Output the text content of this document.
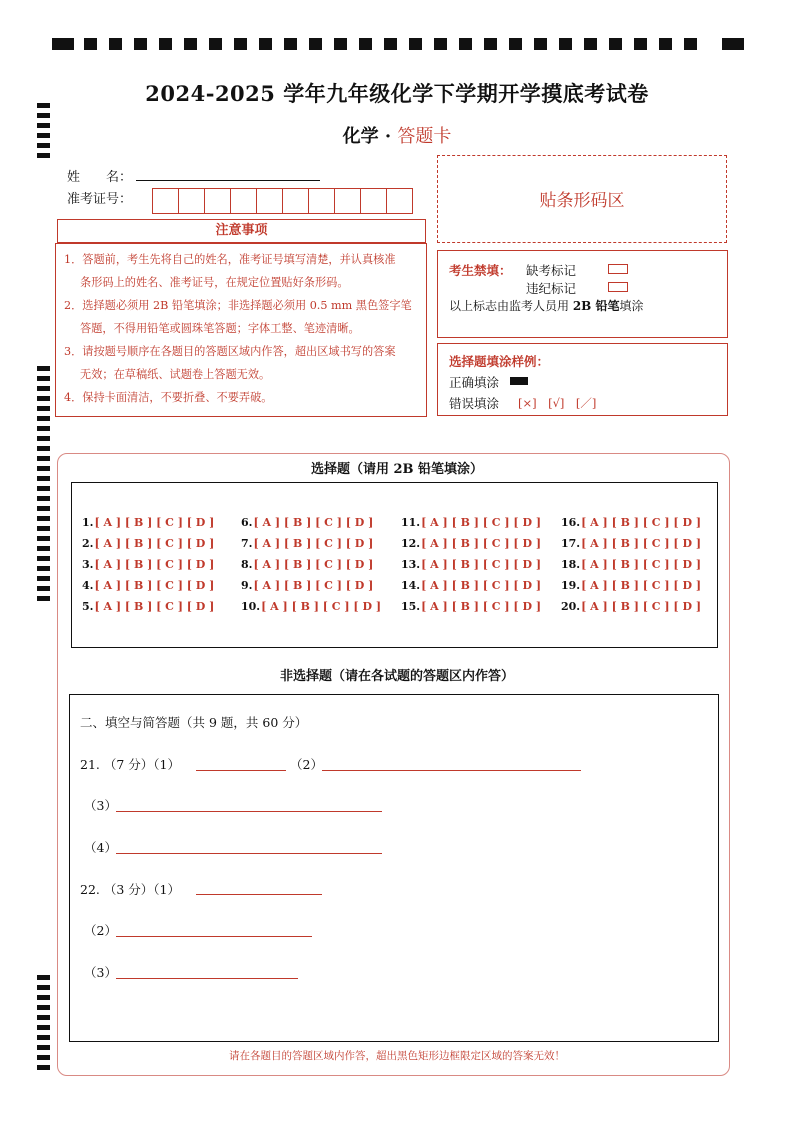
2024-2025 学年九年级化学下学期开学摸底考试卷
化学 · 答题卡
姓　　名：
准考证号：	贴条形码区
注意事项

1．答题前，考生先将自己的姓名，准考证号填写清楚，并认真核准

条形码上的姓名、准考证号，在规定位置贴好条形码。

2．选择题必须用 2B 铅笔填涂；非选择题必须用 0.5 mm 黑色签字笔

答题，不得用铅笔或圆珠笔答题；字体工整、笔迹清晰。

3．请按题号顺序在各题目的答题区域内作答，超出区域书写的答案

无效；在草稿纸、试题卷上答题无效。

4．保持卡面清洁，不要折叠、不要弄破。

考生禁填： 缺考标记
违纪标记
以上标志由监考人员用 2B 铅笔填涂
选择题填涂样例：
正确填涂
错误填涂 [×]　[√]　[／]
选择题（请用 2B 铅笔填涂）
1.[ A ] [ B ] [ C ] [ D ]
2.[ A ] [ B ] [ C ] [ D ]
3.[ A ] [ B ] [ C ] [ D ]
4.[ A ] [ B ] [ C ] [ D ]
5.[ A ] [ B ] [ C ] [ D ]
6.[ A ] [ B ] [ C ] [ D ]
7.[ A ] [ B ] [ C ] [ D ]
8.[ A ] [ B ] [ C ] [ D ]
9.[ A ] [ B ] [ C ] [ D ]
10.[ A ] [ B ] [ C ] [ D ]
11.[ A ] [ B ] [ C ] [ D ]
12.[ A ] [ B ] [ C ] [ D ]
13.[ A ] [ B ] [ C ] [ D ]
14.[ A ] [ B ] [ C ] [ D ]
15.[ A ] [ B ] [ C ] [ D ]
16.[ A ] [ B ] [ C ] [ D ]
17.[ A ] [ B ] [ C ] [ D ]
18.[ A ] [ B ] [ C ] [ D ]
19.[ A ] [ B ] [ C ] [ D ]
20.[ A ] [ B ] [ C ] [ D ]
非选择题（请在各试题的答题区内作答）
二、填空与简答题（共 9 题，共 60 分）
21. （7 分）（1）	（2）
（3）
（4）
22. （3 分）（1）
（2）
（3）
请在各题目的答题区域内作答，超出黑色矩形边框限定区域的答案无效！
